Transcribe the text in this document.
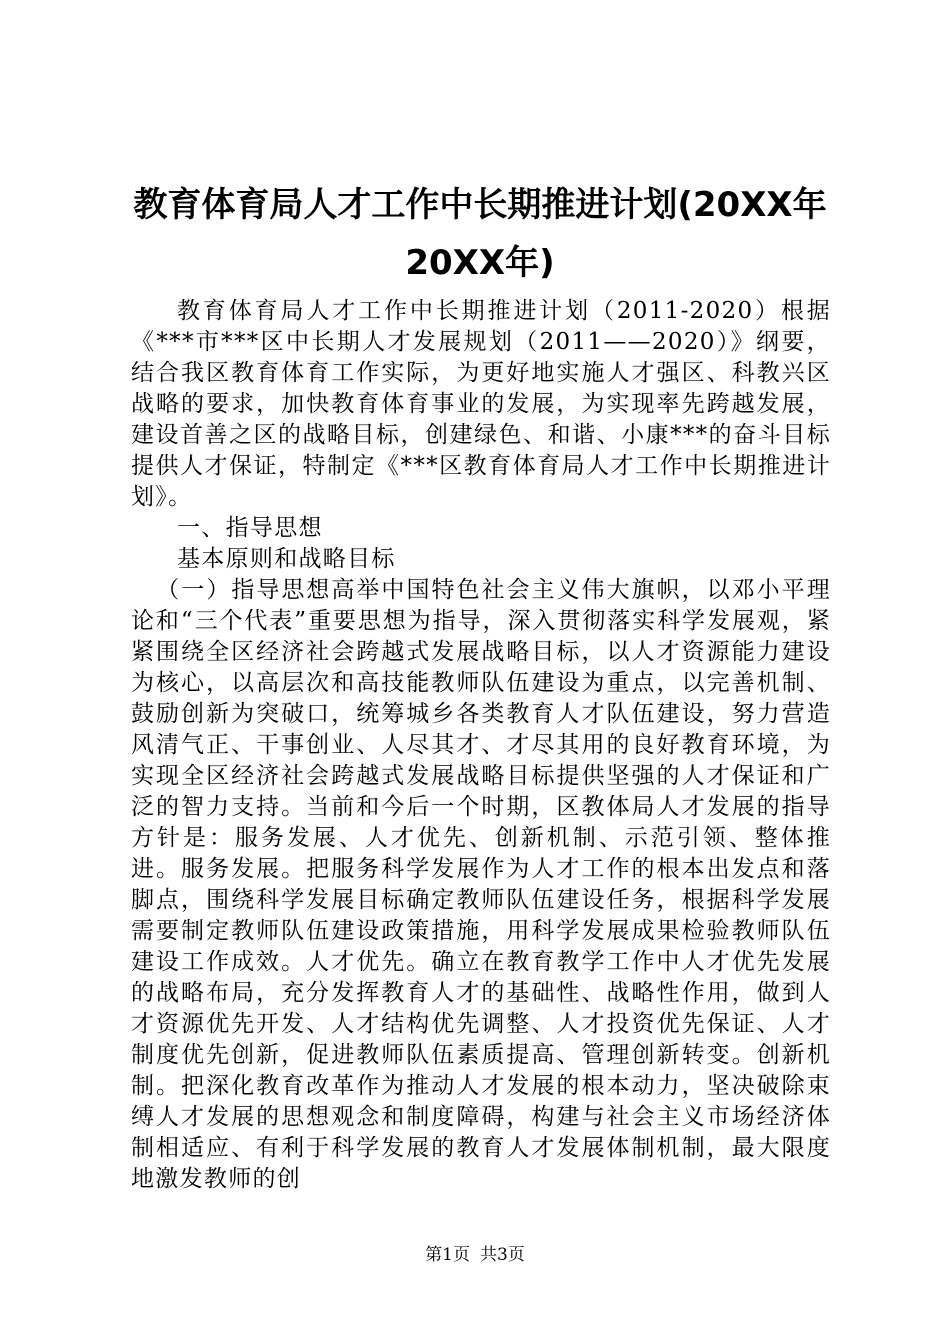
教育体育局人才工作中长期推进计划(20XX年20XX年)

教育体育局人才工作中长期推进计划（2011-2020）根据《***市***区中长期人才发展规划（2011——2020）》纲要，结合我区教育体育工作实际，为更好地实施人才强区、科教兴区战略的要求，加快教育体育事业的发展，为实现率先跨越发展，建设首善之区的战略目标，创建绿色、和谐、小康***的奋斗目标提供人才保证，特制定《***区教育体育局人才工作中长期推进计划》。

一、指导思想

基本原则和战略目标

（一）指导思想高举中国特色社会主义伟大旗帜，以邓小平理论和“三个代表”重要思想为指导，深入贯彻落实科学发展观，紧紧围绕全区经济社会跨越式发展战略目标，以人才资源能力建设为核心，以高层次和高技能教师队伍建设为重点，以完善机制、鼓励创新为突破口，统筹城乡各类教育人才队伍建设，努力营造风清气正、干事创业、人尽其才、才尽其用的良好教育环境，为实现全区经济社会跨越式发展战略目标提供坚强的人才保证和广泛的智力支持。当前和今后一个时期，区教体局人才发展的指导方针是：服务发展、人才优先、创新机制、示范引领、整体推进。服务发展。把服务科学发展作为人才工作的根本出发点和落脚点，围绕科学发展目标确定教师队伍建设任务，根据科学发展需要制定教师队伍建设政策措施，用科学发展成果检验教师队伍建设工作成效。人才优先。确立在教育教学工作中人才优先发展的战略布局，充分发挥教育人才的基础性、战略性作用，做到人才资源优先开发、人才结构优先调整、人才投资优先保证、人才制度优先创新，促进教师队伍素质提高、管理创新转变。创新机制。把深化教育改革作为推动人才发展的根本动力，坚决破除束缚人才发展的思想观念和制度障碍，构建与社会主义市场经济体制相适应、有利于科学发展的教育人才发展体制机制，最大限度地激发教师的创

第1页 共3页
